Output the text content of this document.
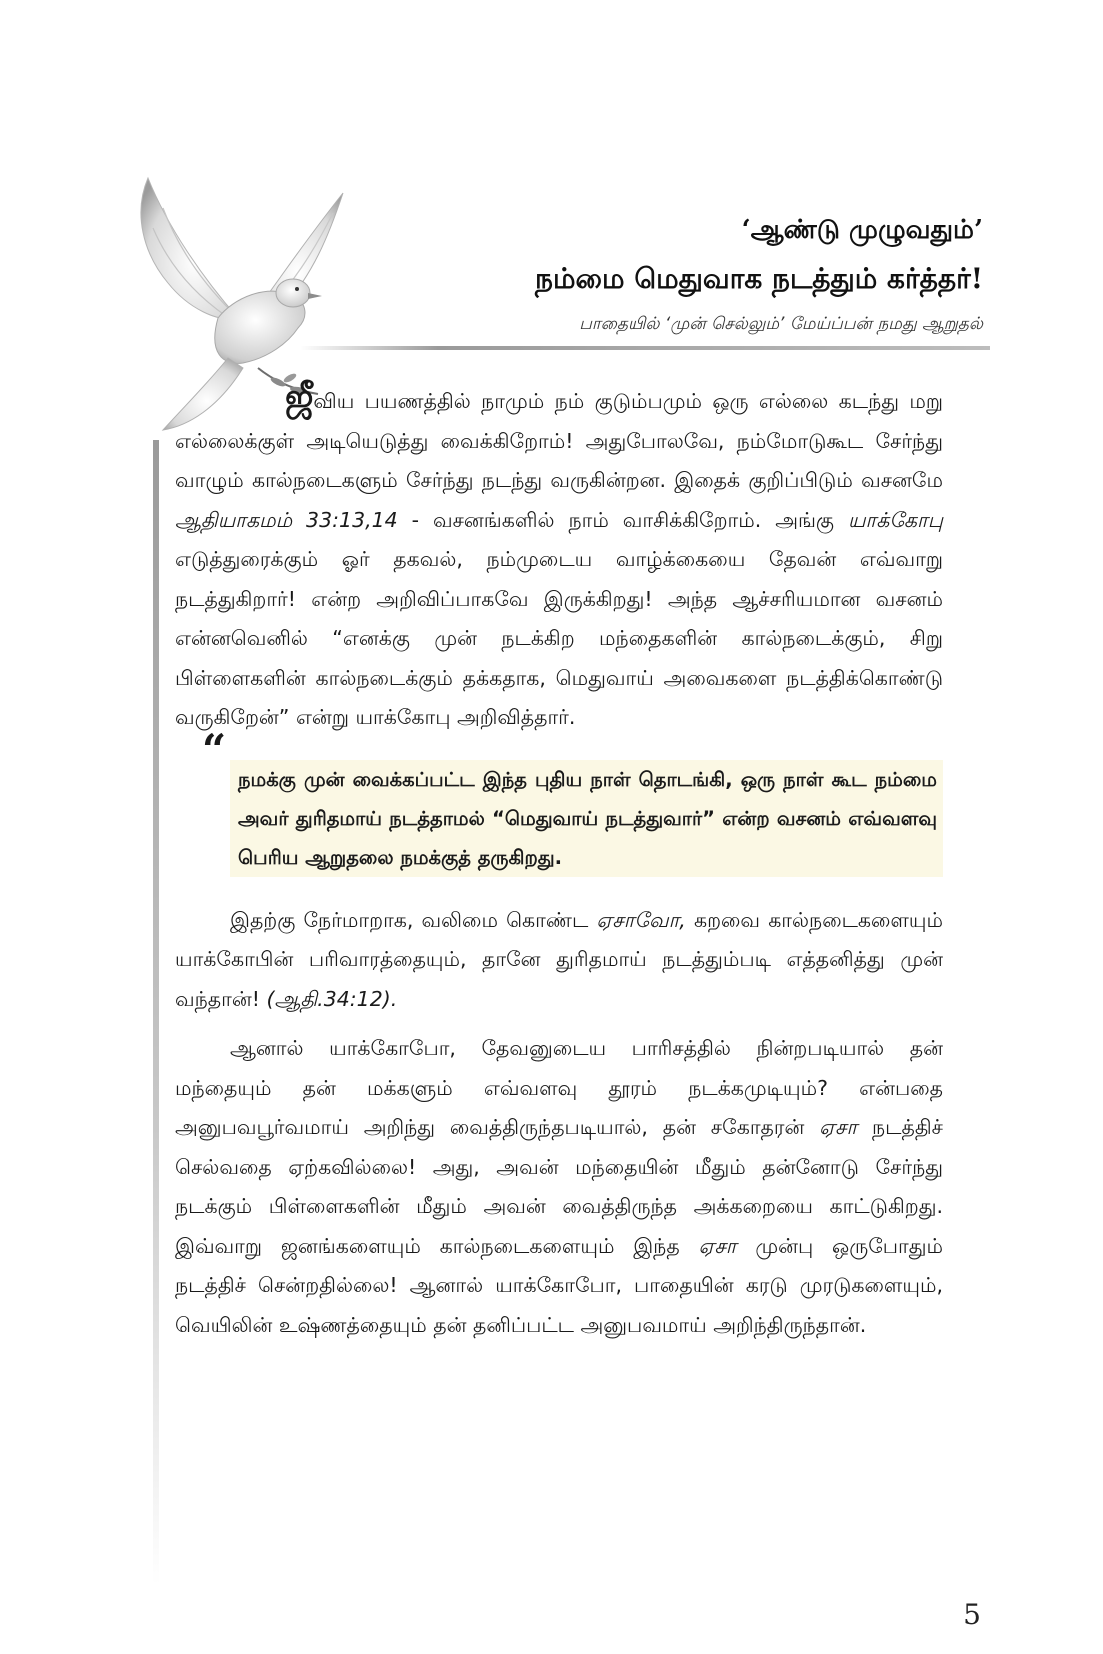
‘ஆண்டு முழுவதும்’
நம்மை மெதுவாக நடத்தும் கர்த்தர்!
பாதையில் ‘முன் செல்லும்’ மேய்ப்பன் நமது ஆறுதல்

ஜீவிய பயணத்தில் நாமும் நம் குடும்பமும் ஒரு எல்லை கடந்து மறு எல்லைக்குள் அடியெடுத்து வைக்கிறோம்! அதுபோலவே, நம்மோடுகூட சேர்ந்து வாழும் கால்நடைகளும் சேர்ந்து நடந்து வருகின்றன. இதைக் குறிப்பிடும் வசனமே ஆதியாகமம் 33:13,14 - வசனங்களில் நாம் வாசிக்கிறோம். அங்கு யாக்கோபு எடுத்துரைக்கும் ஓர் தகவல், நம்முடைய வாழ்க்கையை தேவன் எவ்வாறு நடத்துகிறார்! என்ற அறிவிப்பாகவே இருக்கிறது! அந்த ஆச்சரியமான வசனம் என்னவெனில் “எனக்கு முன் நடக்கிற மந்தைகளின் கால்நடைக்கும், சிறு பிள்ளைகளின் கால்நடைக்கும் தக்கதாக, மெதுவாய் அவைகளை நடத்திக்கொண்டு வருகிறேன்” என்று யாக்கோபு அறிவித்தார்.

“
நமக்கு முன் வைக்கப்பட்ட இந்த புதிய நாள் தொடங்கி, ஒரு நாள் கூட நம்மை அவர் துரிதமாய் நடத்தாமல் “மெதுவாய் நடத்துவார்” என்ற வசனம் எவ்வளவு பெரிய ஆறுதலை நமக்குத் தருகிறது.

இதற்கு நேர்மாறாக, வலிமை கொண்ட ஏசாவோ, கறவை கால்நடைகளையும் யாக்கோபின் பரிவாரத்தையும், தானே துரிதமாய் நடத்தும்படி எத்தனித்து முன் வந்தான்! (ஆதி.34:12).

ஆனால் யாக்கோபோ, தேவனுடைய பாரிசத்தில் நின்றபடியால் தன் மந்தையும் தன் மக்களும் எவ்வளவு தூரம் நடக்கமுடியும்? என்பதை அனுபவபூர்வமாய் அறிந்து வைத்திருந்தபடியால், தன் சகோதரன் ஏசா நடத்திச் செல்வதை ஏற்கவில்லை! அது, அவன் மந்தையின் மீதும் தன்னோடு சேர்ந்து நடக்கும் பிள்ளைகளின் மீதும் அவன் வைத்திருந்த அக்கறையை காட்டுகிறது. இவ்வாறு ஜனங்களையும் கால்நடைகளையும் இந்த ஏசா முன்பு ஒருபோதும் நடத்திச் சென்றதில்லை! ஆனால் யாக்கோபோ, பாதையின் கரடு முரடுகளையும், வெயிலின் உஷ்ணத்தையும் தன் தனிப்பட்ட அனுபவமாய் அறிந்திருந்தான்.

5
